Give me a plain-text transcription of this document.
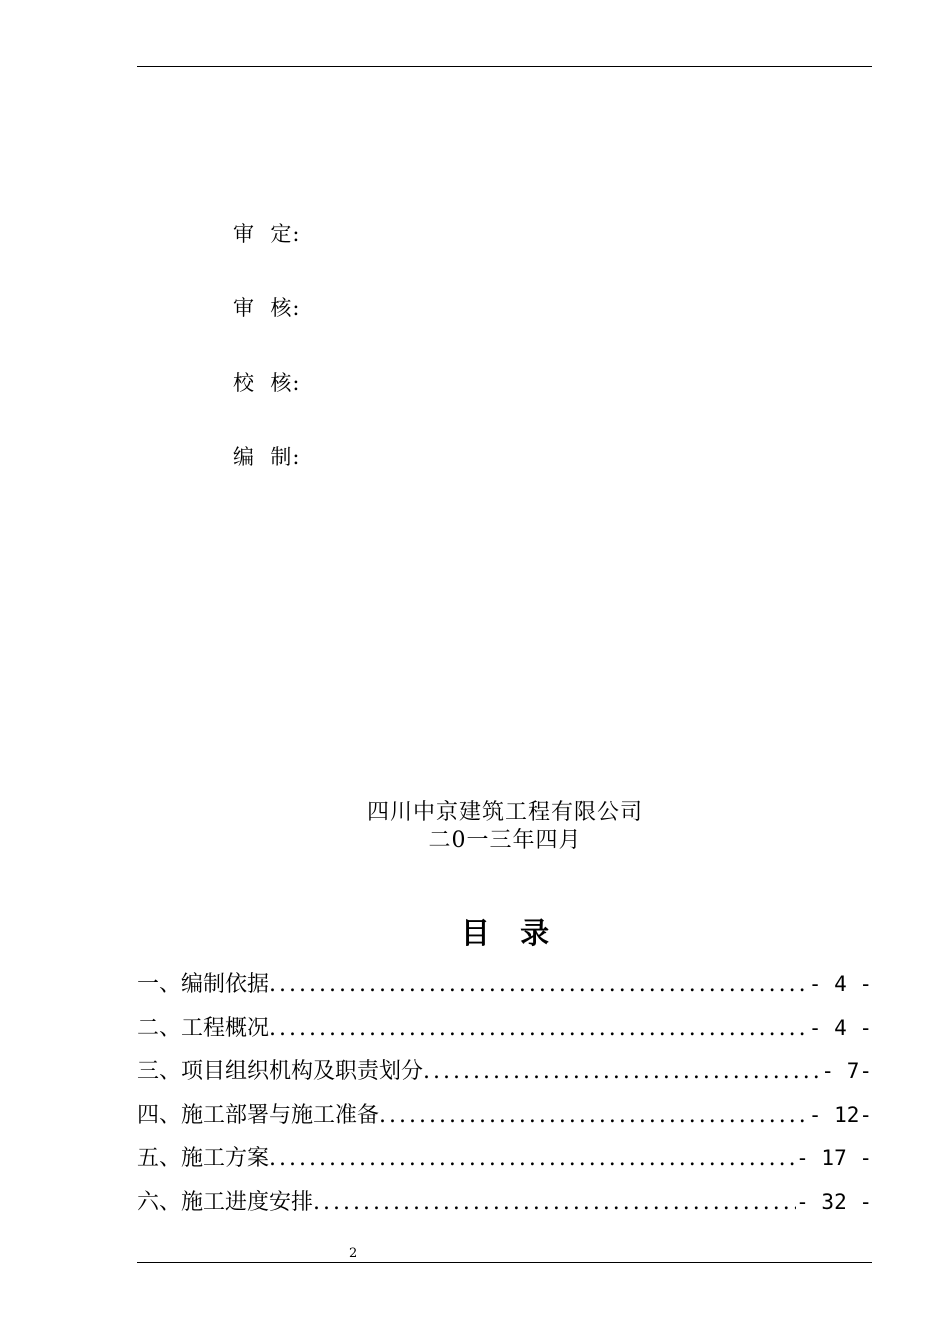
审  定:
审  核:
校  核:
编  制:
四川中京建筑工程有限公司
二0一三年四月
目   录
一、编制依据 .....	- 4 -
二、工程概况 .....	- 4 -
三、项目组织机构及职责划分 .....	- 7-
四、施工部署与施工准备 .....	- 12-
五、施工方案 .....	- 17 -
六、施工进度安排 .....	- 32 -
2
